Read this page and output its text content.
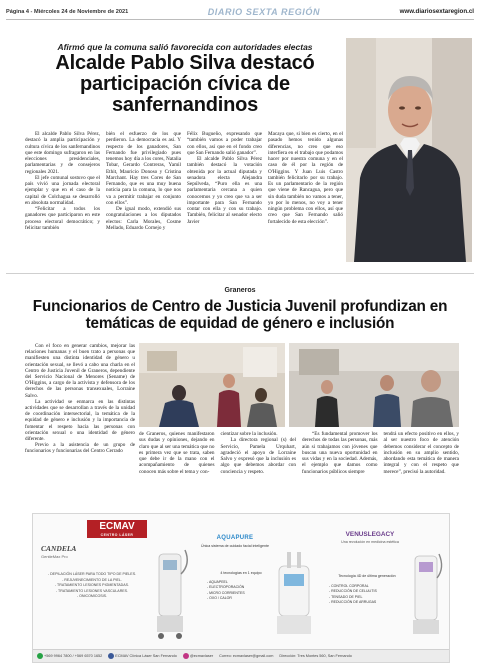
Página 4 - Miércoles 24 de Noviembre de 2021	DIARIO SEXTA REGIÓN	www.diariosextaregion.cl
Afirmó que la comuna salió favorecida con autoridades electas
Alcalde Pablo Silva destacó participación cívica de sanfernandinos

El alcalde Pablo Silva Pérez, destacó la amplia participación y cultura cívica de los sanfernandinos que este domingo sufragaron en las elecciones presidenciales, parlamentarias y de consejeros regionales 2021.

El jefe comunal sostuvo que el país vivió una jornada electoral ejemplar y que en el caso de la capital de Colchagua se desarrolló en absoluta normalidad.

“Felicitar a todos los ganadores que participaron en este proceso electoral democrático; y felicitar también

bién el esfuerzo de los que perdieron. La democracia es así. Y respecto de los ganadores, San Fernando fue privilegiado pues tenemos hoy día a los cores, Natalia Tobar, Gerardo Contreras, Yamil Ethit, Mauricio Donoso y Cristina Marchant. Hay tres Cores de San Fernando, que es una muy buena noticia para la comuna, lo que nos va a permitir trabajar en conjunto con ellos”.

De igual modo, extendió sus congratulaciones a los diputados electos: Carla Morales, Cosme Mellado, Eduardo Cornejo y

Félix Bugueño, expresando que “también vamos a poder trabajar con ellos, así que en el fondo creo que San Fernando salió ganador”.

El alcalde Pablo Silva Pérez también destacó la votación obtenida por la actual diputada y senadora electa Alejandra Sepúlveda, “Puro ella es una parlamentaria cercana a quien conocemos y yo creo que va a ser importante para San Fernando contar con ella y con su trabajo. También, felicitar al senador electo Javier

Macaya que, si bien es cierto, en el pasado hemos tenido algunas diferencias, no creo que eso interfiera en el trabajo que podamos hacer por nuestra comuna y en el caso de él por la región de O'Higgins. Y Juan Luis Castro también felicitarlo por su trabajo. Es un parlamentario de la región que viene de Rancagua, pero que sin duda también no vamos a tener, yo por lo menos, no voy a tener ningún problema con ellos, así que creo que San Fernando salió fortalecido de esta elección”.

Graneros
Funcionarios de Centro de Justicia Juvenil profundizan en temáticas de equidad de género e inclusión

Con el foco en generar cambios, mejorar las relaciones humanas y el buen trato a personas que manifiesten una distinta identidad de género u orientación sexual, se llevó a cabo una charla en el Centro de Justicia Juvenil de Graneros, dependiente del Servicio Nacional de Menores (Sename) de O'Higgins, a cargo de la activista y defensora de los derechos de las personas transexuales, Lorraine Salvo.

La actividad se enmarca en las distintas actividades que se desarrollan a través de la unidad de coordinación intersectorial, la temática de la equidad de género e inclusión y la importancia de fomentar el respeto hacia las personas con orientación sexual o una identidad de género diferente.

Previo a la asistencia de un grupo de funcionarios y funcionarias del Centro Cerrado

de Graneros, quienes manifestaron sus dudas y opiniones, dejando en claro que al ser una temática que no es primera vez que se trata, saben que debe ir de la mano con el acompañamiento de quienes conocen más sobre el tema y con-

cientizar sobre la inclusión.

La directora regional (s) del Servicio, Pamela Urquhart, agradeció el apoyo de Lorraine Salvo y expresó que la inclusión es algo que debemos abordar con conciencia y respeto.

“Es fundamental promover los derechos de todas las personas, más aún si trabajamos con jóvenes que buscan una nueva oportunidad en sus vidas y en la sociedad. Además, el ejemplo que damos como funcionarios públicos siempre

tendrá un efecto positivo en ellos, y al ser nuestro foco de atención debemos considerar el concepto de inclusión en su amplio sentido, abordando esta temática de manera integral y con el respeto que merece”, precisó la autoridad.

ECMAV
CENTRO LÁSER
CANDELA
GentleMax Pro
- DEPILACIÓN LÁSER PARA TODO TIPO DE PIELES.
- REJUVENECIMIENTO DE LA PIEL.
- TRATAMIENTO LESIONES PIGMENTADAS.
- TRATAMIENTO LESIONES VASCULARES.
- ONICOMICOSIS.
AQUAPURE
Única sistema de cuidado facial inteligente
4 tecnologías en 1 equipo
- AQUAPEEL
- ELECTROPORACIÓN
- MICRO CORRIENTES
- OXO / CALOR
VENUSLEGACY
Una revolución en medicina estética
Tecnología 4D de última generación
- CONTROL CORPORAL
- REDUCCIÓN DE CELULITIS
- TENSADO DE PIEL
- REDUCCIÓN DE ARRUGAS
+569 9964 7800 / +569 6570 1652	ECMAV Clínica Láser San Fernando	@ecmavlaser Correo: ecmavlaser@gmail.com Dirección: Tres Montes 560, San Fernando
